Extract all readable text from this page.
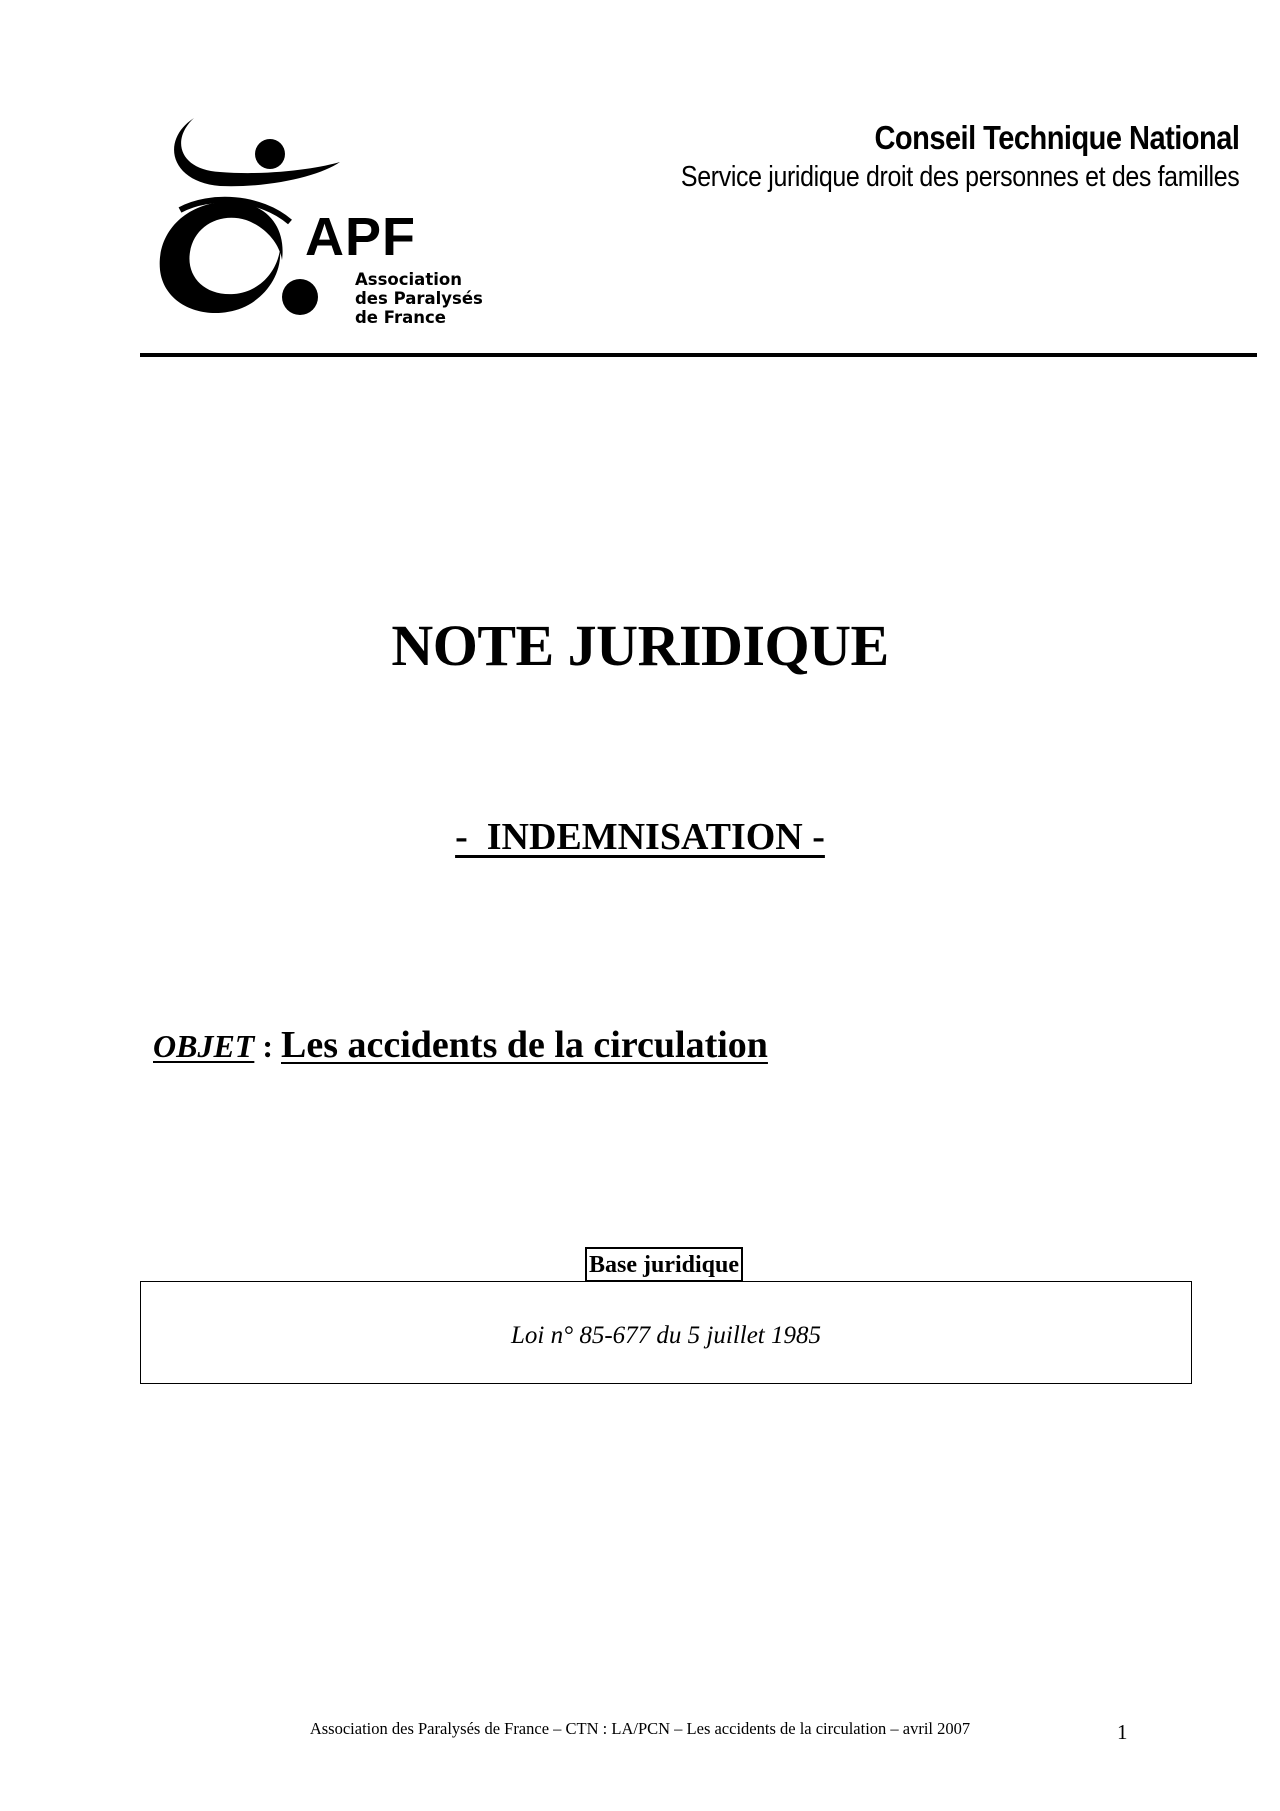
APF
Association
des Paralysés
de France
Conseil Technique National
Service juridique droit des personnes et des familles
NOTE JURIDIQUE
-  INDEMNISATION -
OBJET : Les accidents de la circulation
Loi n° 85-677 du 5 juillet 1985
Base juridique
Association des Paralysés de France – CTN : LA/PCN – Les accidents de la circulation – avril 2007	1
